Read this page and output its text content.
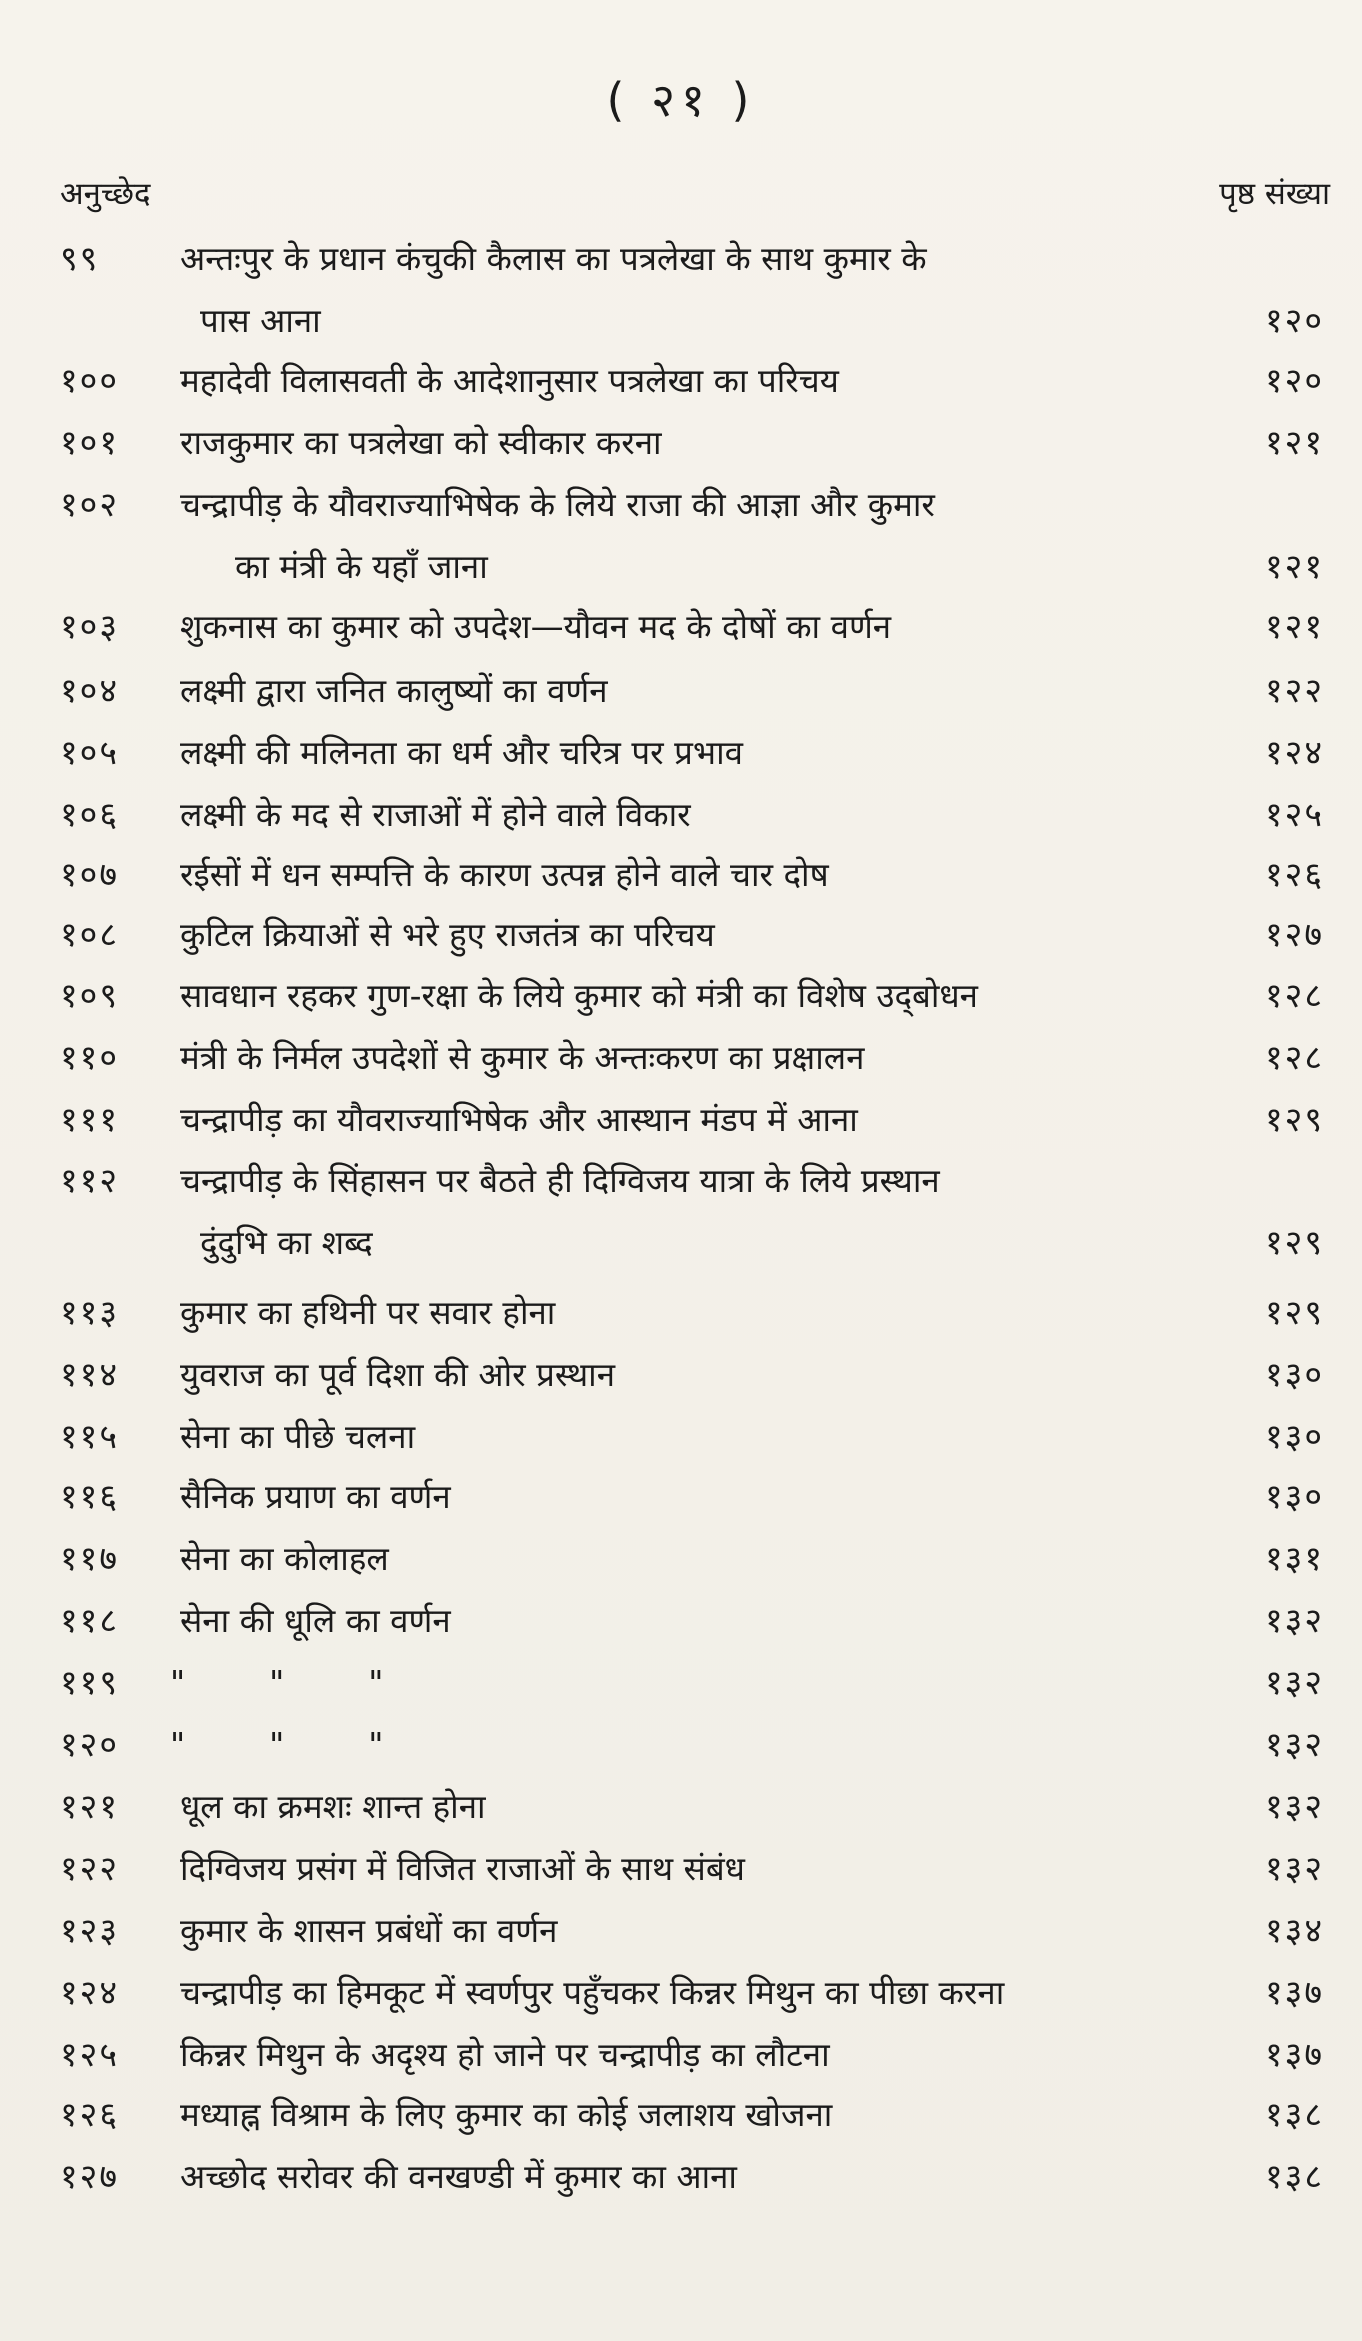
( २१ )
अनुच्छेद	पृष्ठ संख्या
९९	अन्तःपुर के प्रधान कंचुकी कैलास का पत्रलेखा के साथ कुमार के
पास आना	१२०
१००	महादेवी विलासवती के आदेशानुसार पत्रलेखा का परिचय	१२०
१०१	राजकुमार का पत्रलेखा को स्वीकार करना	१२१
१०२	चन्द्रापीड़ के यौवराज्याभिषेक के लिये राजा की आज्ञा और कुमार
का मंत्री के यहाँ जाना	१२१
१०३	शुकनास का कुमार को उपदेश—यौवन मद के दोषों का वर्णन	१२१
१०४	लक्ष्मी द्वारा जनित कालुष्यों का वर्णन	१२२
१०५	लक्ष्मी की मलिनता का धर्म और चरित्र पर प्रभाव	१२४
१०६	लक्ष्मी के मद से राजाओं में होने वाले विकार	१२५
१०७	रईसों में धन सम्पत्ति के कारण उत्पन्न होने वाले चार दोष	१२६
१०८	कुटिल क्रियाओं से भरे हुए राजतंत्र का परिचय	१२७
१०९	सावधान रहकर गुण-रक्षा के लिये कुमार को मंत्री का विशेष उद्‌बोधन	१२८
११०	मंत्री के निर्मल उपदेशों से कुमार के अन्तःकरण का प्रक्षालन	१२८
१११	चन्द्रापीड़ का यौवराज्याभिषेक और आस्थान मंडप में आना	१२९
११२	चन्द्रापीड़ के सिंहासन पर बैठते ही दिग्विजय यात्रा के लिये प्रस्थान
दुंदुभि का शब्द	१२९
११३	कुमार का हथिनी पर सवार होना	१२९
११४	युवराज का पूर्व दिशा की ओर प्रस्थान	१३०
११५	सेना का पीछे चलना	१३०
११६	सैनिक प्रयाण का वर्णन	१३०
११७	सेना का कोलाहल	१३१
११८	सेना की धूलि का वर्णन	१३२
११९	"        "        "	१३२
१२०	"        "        "	१३२
१२१	धूल का क्रमशः शान्त होना	१३२
१२२	दिग्विजय प्रसंग में विजित राजाओं के साथ संबंध	१३२
१२३	कुमार के शासन प्रबंधों का वर्णन	१३४
१२४	चन्द्रापीड़ का हिमकूट में स्वर्णपुर पहुँचकर किन्नर मिथुन का पीछा करना	१३७
१२५	किन्नर मिथुन के अदृश्य हो जाने पर चन्द्रापीड़ का लौटना	१३७
१२६	मध्याह्न विश्राम के लिए कुमार का कोई जलाशय खोजना	१३८
१२७	अच्छोद सरोवर की वनखण्डी में कुमार का आना	१३८
